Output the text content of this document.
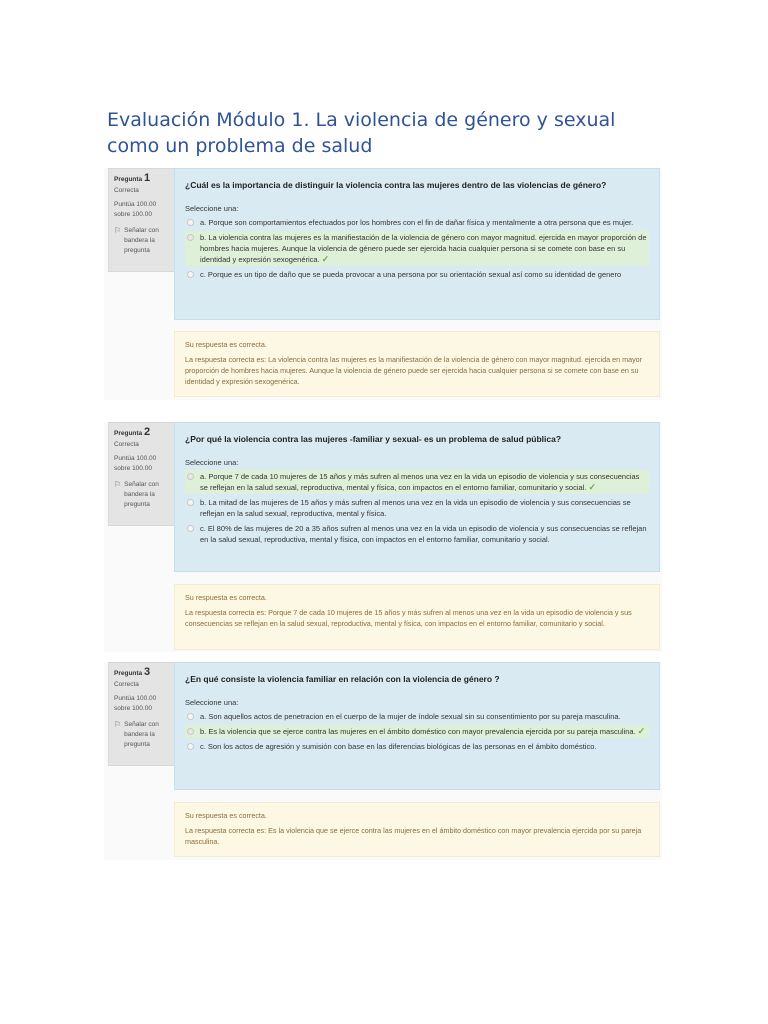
Evaluación Módulo 1. La violencia de género y sexual como un problema de salud
Pregunta 1
Correcta
Puntúa 100.00
sobre 100.00
⚐ Señalar con bandera la pregunta
¿Cuál es la importancia de distinguir la violencia contra las mujeres dentro de las violencias de género?
Seleccione una:
a. Porque son comportamientos efectuados por los hombres con el fin de dañar física y mentalmente a otra persona que es mujer.
b. La violencia contra las mujeres es la manifiestación de la violencia de género con mayor magnitud. ejercida en mayor proporción de hombres hacia mujeres. Aunque la violencia de género puede ser ejercida hacia cualquier persona si se comete con base en su identidad y expresión sexogenérica. ✓
c. Porque es un tipo de daño que se pueda provocar a una persona por su orientación sexual así como su identidad de genero
Su respuesta es correcta.
La respuesta correcta es: La violencia contra las mujeres es la manifiestación de la violencia de género con mayor magnitud. ejercida en mayor proporción de hombres hacia mujeres. Aunque la violencia de género puede ser ejercida hacia cualquier persona si se comete con base en su identidad y expresión sexogenérica.
Pregunta 2
Correcta
Puntúa 100.00
sobre 100.00
⚐ Señalar con bandera la pregunta
¿Por qué la violencia contra las mujeres -familiar y sexual- es un problema de salud pública?
Seleccione una:
a. Porque 7 de cada 10 mujeres de 15 años y más sufren al menos una vez en la vida un episodio de violencia y sus consecuencias se reflejan en la salud sexual, reproductiva, mental y física, con impactos en el entorno familiar, comunitario y social. ✓
b. La mitad de las mujeres de 15 años y más sufren al menos una vez en la vida un episodio de violencia y sus consecuencias se reflejan en la salud sexual, reproductiva, mental y física.
c. El 80% de las mujeres de 20 a 35 años sufren al menos una vez en la vida un episodio de violencia y sus consecuencias se reflejan en la salud sexual, reproductiva, mental y física, con impactos en el entorno familiar, comunitario y social.
Su respuesta es correcta.
La respuesta correcta es: Porque 7 de cada 10 mujeres de 15 años y más sufren al menos una vez en la vida un episodio de violencia y sus consecuencias se reflejan en la salud sexual, reproductiva, mental y física, con impactos en el entorno familiar, comunitario y social.
Pregunta 3
Correcta
Puntúa 100.00
sobre 100.00
⚐ Señalar con bandera la pregunta
¿En qué consiste la violencia familiar en relación con la violencia de género ?
Seleccione una:
a. Son aquellos actos de penetracion en el cuerpo de la mujer de índole sexual sin su consentimiento por su pareja masculina.
b. Es la violencia que se ejerce contra las mujeres en el ámbito doméstico con mayor prevalencia ejercida por su pareja masculina. ✓
c. Son los actos de agresión y sumisión con base en las diferencias biológicas de las personas en el ámbito doméstico.
Su respuesta es correcta.
La respuesta correcta es: Es la violencia que se ejerce contra las mujeres en el ámbito doméstico con mayor prevalencia ejercida por su pareja masculina.
